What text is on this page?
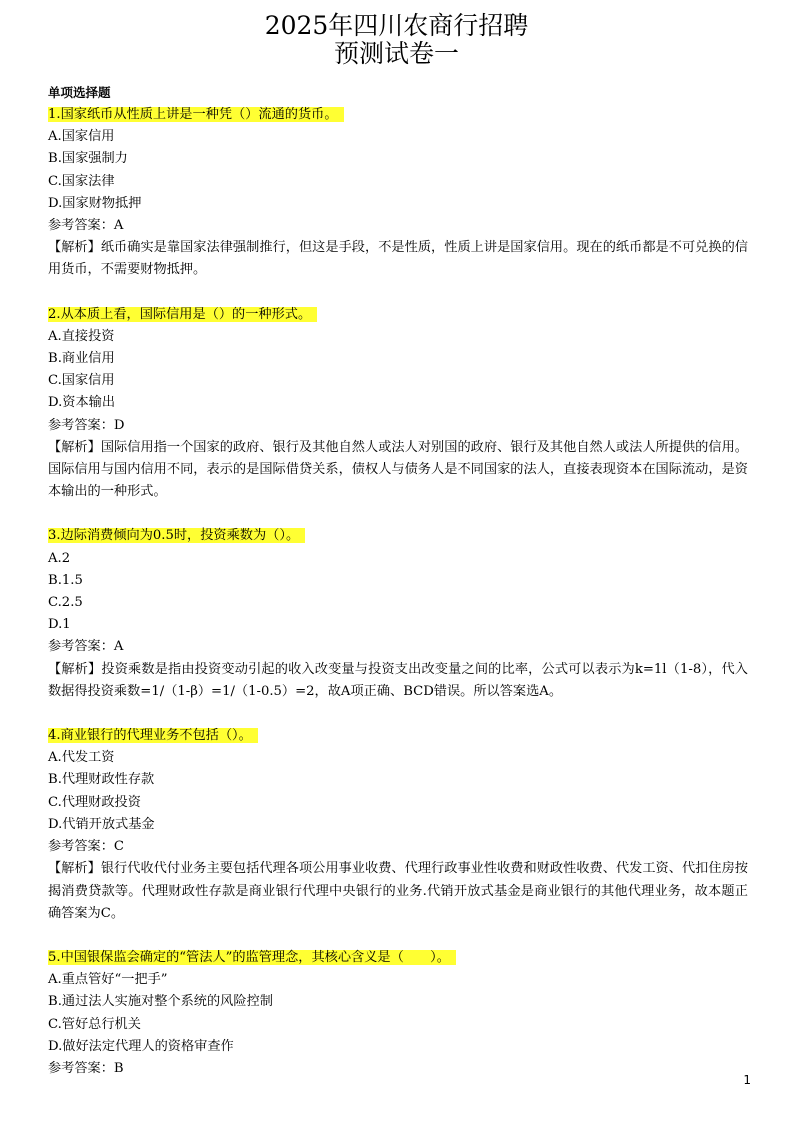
2025年四川农商行招聘
预测试卷一
单项选择题
1.国家纸币从性质上讲是一种凭（）流通的货币。
A.国家信用
B.国家强制力
C.国家法律
D.国家财物抵押
参考答案：A
【解析】纸币确实是靠国家法律强制推行，但这是手段，不是性质，性质上讲是国家信用。现在的纸币都是不可兑换的信用货币，不需要财物抵押。
2.从本质上看，国际信用是（）的一种形式。
A.直接投资
B.商业信用
C.国家信用
D.资本输出
参考答案：D
【解析】国际信用指一个国家的政府、银行及其他自然人或法人对别国的政府、银行及其他自然人或法人所提供的信用。国际信用与国内信用不同，表示的是国际借贷关系，债权人与债务人是不同国家的法人，直接表现资本在国际流动，是资本输出的一种形式。
3.边际消费倾向为0.5时，投资乘数为（）。
A.2
B.1.5
C.2.5
D.1
参考答案：A
【解析】投资乘数是指由投资变动引起的收入改变量与投资支出改变量之间的比率，公式可以表示为k=1l（1-8），代入数据得投资乘数=1/（1-β）=1/（1-0.5）=2，故A项正确、BCD错误。所以答案选A。
4.商业银行的代理业务不包括（）。
A.代发工资
B.代理财政性存款
C.代理财政投资
D.代销开放式基金
参考答案：C
【解析】银行代收代付业务主要包括代理各项公用事业收费、代理行政事业性收费和财政性收费、代发工资、代扣住房按揭消费贷款等。代理财政性存款是商业银行代理中央银行的业务.代销开放式基金是商业银行的其他代理业务，故本题正确答案为C。
5.中国银保监会确定的“管法人”的监管理念，其核心含义是（　　）。
A.重点管好“一把手”
B.通过法人实施对整个系统的风险控制
C.管好总行机关
D.做好法定代理人的资格审查作
参考答案：B
1
